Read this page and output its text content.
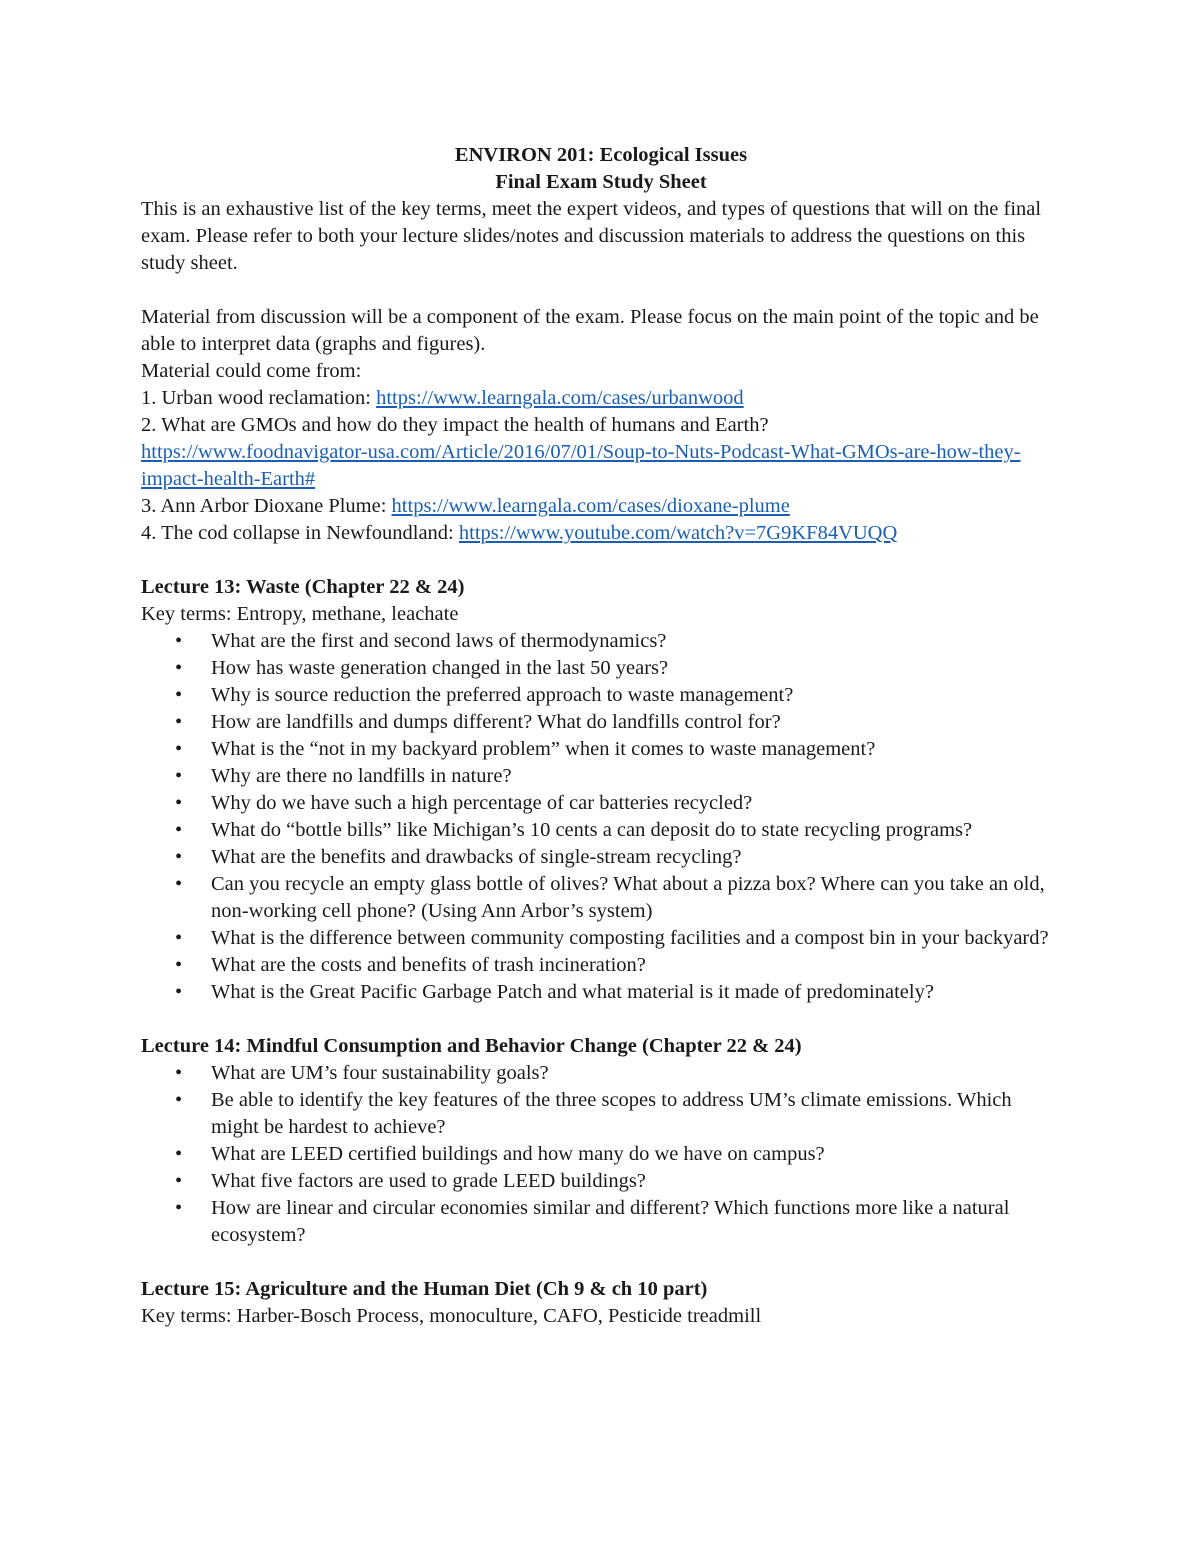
ENVIRON 201: Ecological Issues

Final Exam Study Sheet

This is an exhaustive list of the key terms, meet the expert videos, and types of questions that will on the final exam. Please refer to both your lecture slides/notes and discussion materials to address the questions on this study sheet.

Material from discussion will be a component of the exam. Please focus on the main point of the topic and be able to interpret data (graphs and figures).

Material could come from:

1. Urban wood reclamation: https://www.learngala.com/cases/urbanwood

2. What are GMOs and how do they impact the health of humans and Earth?

https://www.foodnavigator-usa.com/Article/2016/07/01/Soup-to-Nuts-Podcast-What-GMOs-are-how-they-impact-health-Earth#

3. Ann Arbor Dioxane Plume: https://www.learngala.com/cases/dioxane-plume

4. The cod collapse in Newfoundland: https://www.youtube.com/watch?v=7G9KF84VUQQ

Lecture 13: Waste (Chapter 22 & 24)

Key terms: Entropy, methane, leachate

• What are the first and second laws of thermodynamics?
• How has waste generation changed in the last 50 years?
• Why is source reduction the preferred approach to waste management?
• How are landfills and dumps different? What do landfills control for?
• What is the “not in my backyard problem” when it comes to waste management?
• Why are there no landfills in nature?
• Why do we have such a high percentage of car batteries recycled?
• What do “bottle bills” like Michigan’s 10 cents a can deposit do to state recycling programs?
• What are the benefits and drawbacks of single-stream recycling?
• Can you recycle an empty glass bottle of olives? What about a pizza box? Where can you take an old, non-working cell phone? (Using Ann Arbor’s system)
• What is the difference between community composting facilities and a compost bin in your backyard?
• What are the costs and benefits of trash incineration?
• What is the Great Pacific Garbage Patch and what material is it made of predominately?

Lecture 14: Mindful Consumption and Behavior Change (Chapter 22 & 24)

• What are UM’s four sustainability goals?
• Be able to identify the key features of the three scopes to address UM’s climate emissions. Which might be hardest to achieve?
• What are LEED certified buildings and how many do we have on campus?
• What five factors are used to grade LEED buildings?
• How are linear and circular economies similar and different? Which functions more like a natural ecosystem?

Lecture 15: Agriculture and the Human Diet (Ch 9 & ch 10 part)

Key terms: Harber-Bosch Process, monoculture, CAFO, Pesticide treadmill
